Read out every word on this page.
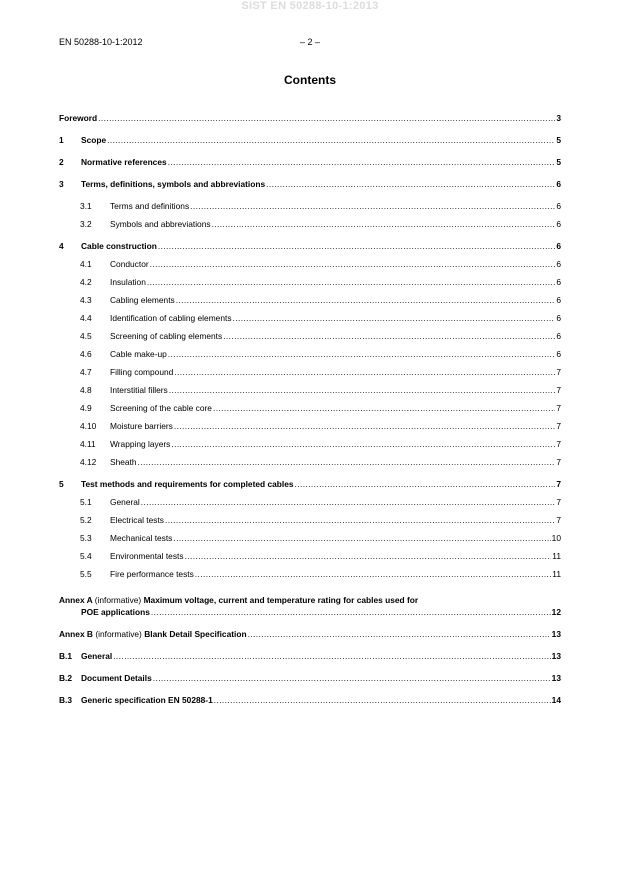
SIST EN 50288-10-1:2013
EN 50288-10-1:2012	– 2 –
Contents
Foreword .....	3
1	Scope .....	5
2	Normative references .....	5
3	Terms, definitions, symbols and abbreviations .....	6
3.1	Terms and definitions .....	6
3.2	Symbols and abbreviations .....	6
4	Cable construction .....	6
4.1	Conductor .....	6
4.2	Insulation .....	6
4.3	Cabling elements .....	6
4.4	Identification of cabling elements .....	6
4.5	Screening of cabling elements .....	6
4.6	Cable make-up .....	6
4.7	Filling compound .....	7
4.8	Interstitial fillers .....	7
4.9	Screening of the cable core .....	7
4.10	Moisture barriers .....	7
4.11	Wrapping layers .....	7
4.12	Sheath .....	7
5	Test methods and requirements for completed cables .....	7
5.1	General .....	7
5.2	Electrical tests .....	7
5.3	Mechanical tests .....	10
5.4	Environmental tests .....	11
5.5	Fire performance tests .....	11
Annex A (informative) Maximum voltage, current and temperature rating for cables used for
POE applications .....	12
Annex B (informative) Blank Detail Specification .....	13
B.1	General .....	13
B.2	Document Details .....	13
B.3	Generic specification EN 50288-1 .....	14
